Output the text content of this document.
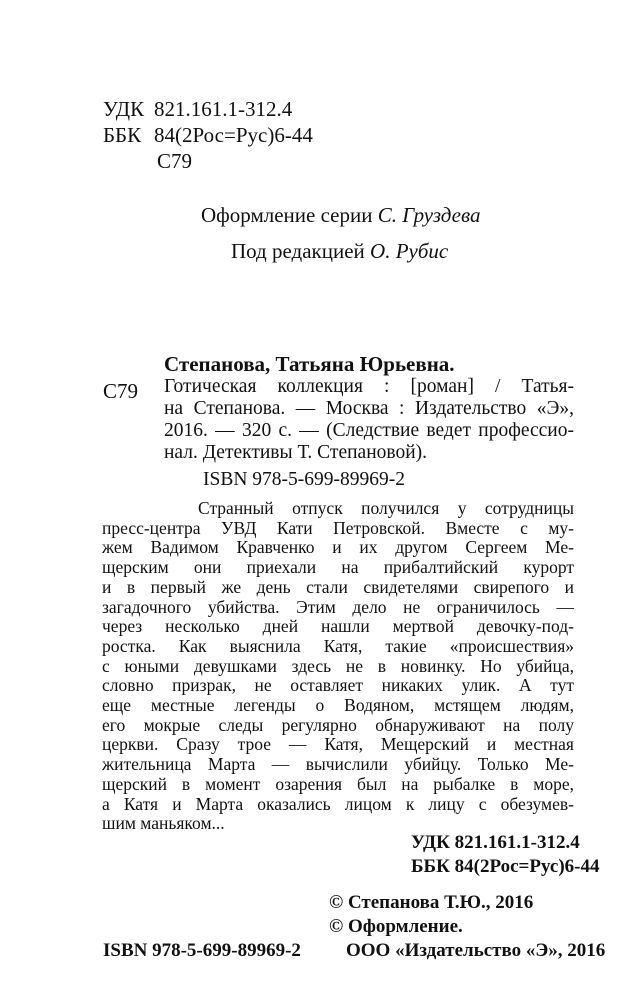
УДК 821.161.1-312.4
ББК 84(2Рос=Рус)6-44
С79
Оформление серии С. Груздева
Под редакцией О. Рубис
Степанова, Татьяна Юрьевна.
С79 Готическая коллекция : [роман] / Татья-
на Степанова. — Москва : Издательство «Э»,
2016. — 320 с. — (Следствие ведет профессио-
нал. Детективы Т. Степановой).
ISBN 978-5-699-89969-2
Странный отпуск получился у сотрудницы
пресс-центра УВД Кати Петровской. Вместе с му-
жем Вадимом Кравченко и их другом Сергеем Ме-
щерским они приехали на прибалтийский курорт
и в первый же день стали свидетелями свирепого и
загадочного убийства. Этим дело не ограничилось —
через несколько дней нашли мертвой девочку-под-
ростка. Как выяснила Катя, такие «происшествия»
с юными девушками здесь не в новинку. Но убийца,
словно призрак, не оставляет никаких улик. А тут
еще местные легенды о Водяном, мстящем людям,
его мокрые следы регулярно обнаруживают на полу
церкви. Сразу трое — Катя, Мещерский и местная
жительница Марта — вычислили убийцу. Только Ме-
щерский в момент озарения был на рыбалке в море,
а Катя и Марта оказались лицом к лицу с обезумев-
шим маньяком...
УДК 821.161.1-312.4
ББК 84(2Рос=Рус)6-44
© Степанова Т.Ю., 2016
© Оформление.
ООО «Издательство «Э», 2016
ISBN 978-5-699-89969-2
